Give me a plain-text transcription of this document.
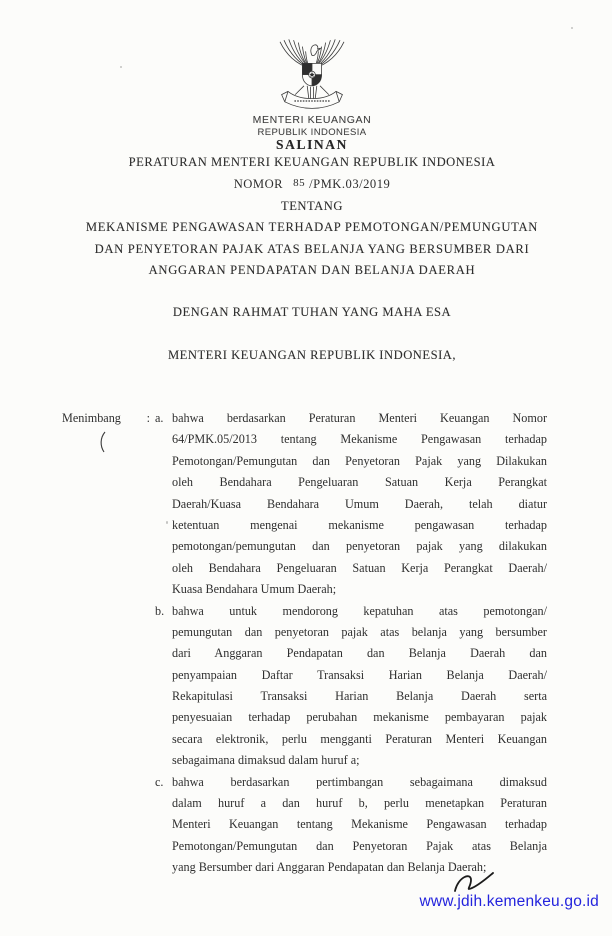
MENTERI KEUANGAN
REPUBLIK INDONESIA
SALINAN
PERATURAN MENTERI KEUANGAN REPUBLIK INDONESIA
NOMOR 85 /PMK.03/2019
TENTANG
MEKANISME PENGAWASAN TERHADAP PEMOTONGAN/PEMUNGUTAN
DAN PENYETORAN PAJAK ATAS BELANJA YANG BERSUMBER DARI
ANGGARAN PENDAPATAN DAN BELANJA DAERAH
DENGAN RAHMAT TUHAN YANG MAHA ESA
MENTERI KEUANGAN REPUBLIK INDONESIA,
Menimbang : a. bahwa berdasarkan Peraturan Menteri Keuangan Nomor
64/PMK.05/2013 tentang Mekanisme Pengawasan terhadap
Pemotongan/Pemungutan dan Penyetoran Pajak yang Dilakukan
oleh Bendahara Pengeluaran Satuan Kerja Perangkat
Daerah/Kuasa Bendahara Umum Daerah, telah diatur
ketentuan mengenai mekanisme pengawasan terhadap
pemotongan/pemungutan dan penyetoran pajak yang dilakukan
oleh Bendahara Pengeluaran Satuan Kerja Perangkat Daerah/
Kuasa Bendahara Umum Daerah;
b. bahwa untuk mendorong kepatuhan atas pemotongan/
pemungutan dan penyetoran pajak atas belanja yang bersumber
dari Anggaran Pendapatan dan Belanja Daerah dan
penyampaian Daftar Transaksi Harian Belanja Daerah/
Rekapitulasi Transaksi Harian Belanja Daerah serta
penyesuaian terhadap perubahan mekanisme pembayaran pajak
secara elektronik, perlu mengganti Peraturan Menteri Keuangan
sebagaimana dimaksud dalam huruf a;
c. bahwa berdasarkan pertimbangan sebagaimana dimaksud
dalam huruf a dan huruf b, perlu menetapkan Peraturan
Menteri Keuangan tentang Mekanisme Pengawasan terhadap
Pemotongan/Pemungutan dan Penyetoran Pajak atas Belanja
yang Bersumber dari Anggaran Pendapatan dan Belanja Daerah;
www.jdih.kemenkeu.go.id
